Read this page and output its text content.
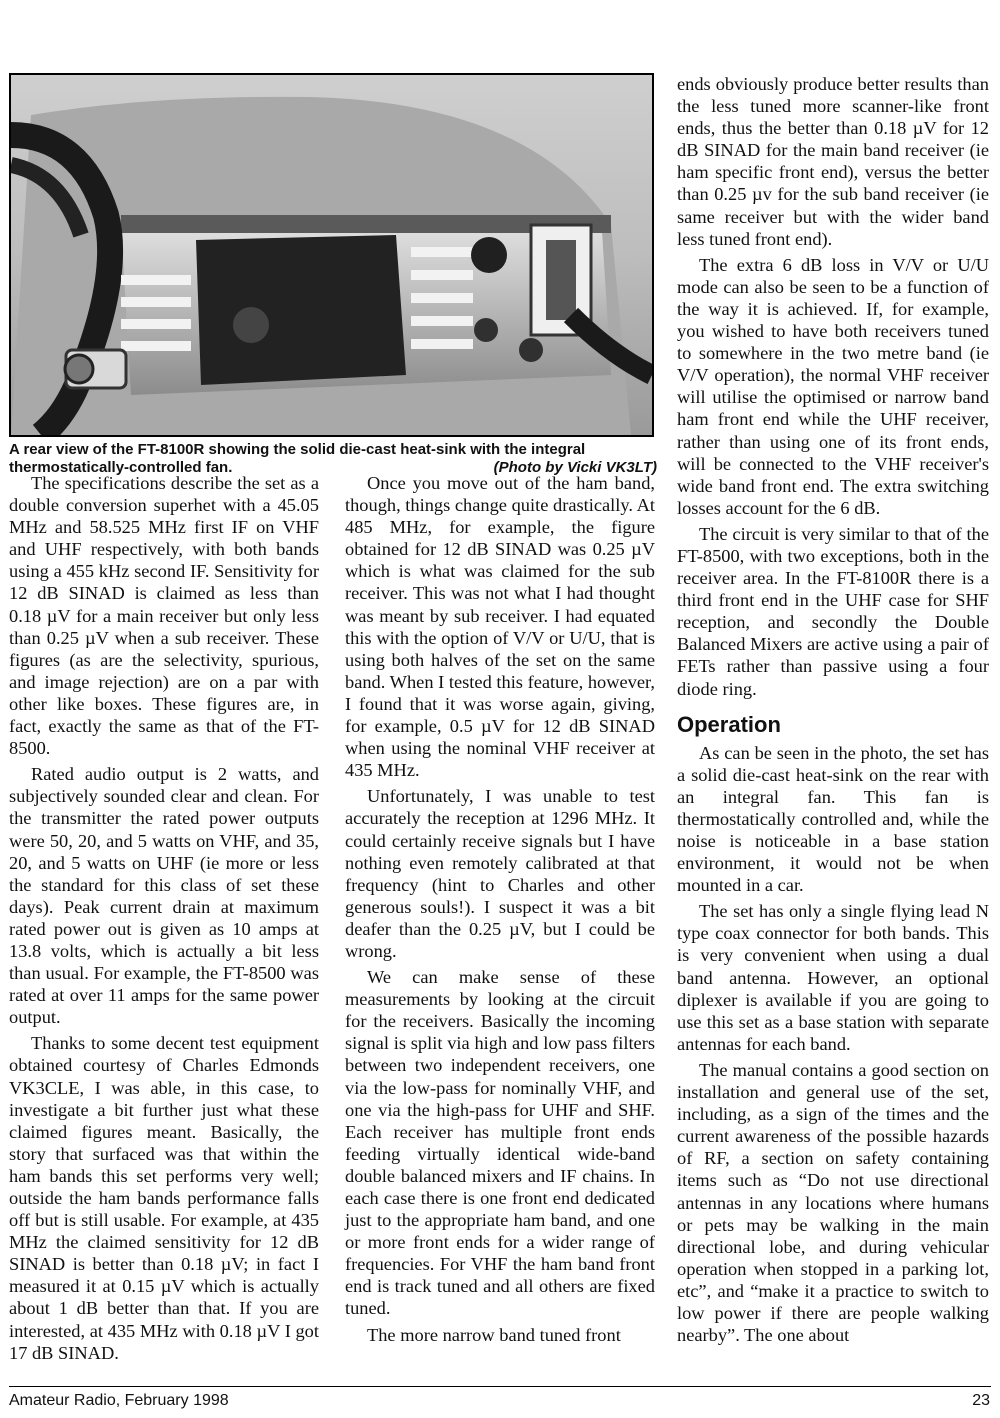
A rear view of the FT-8100R showing the solid die-cast heat-sink with the integral thermostatically-controlled fan.	(Photo by Vicki VK3LT)

The specifications describe the set as a double conversion superhet with a 45.05 MHz and 58.525 MHz first IF on VHF and UHF respectively, with both bands using a 455 kHz second IF. Sensitivity for 12 dB SINAD is claimed as less than 0.18 µV for a main receiver but only less than 0.25 µV when a sub receiver. These figures (as are the selectivity, spurious, and image rejection) are on a par with other like boxes. These figures are, in fact, exactly the same as that of the FT-8500.

Rated audio output is 2 watts, and subjectively sounded clear and clean. For the transmitter the rated power outputs were 50, 20, and 5 watts on VHF, and 35, 20, and 5 watts on UHF (ie more or less the standard for this class of set these days). Peak current drain at maximum rated power out is given as 10 amps at 13.8 volts, which is actually a bit less than usual. For example, the FT-8500 was rated at over 11 amps for the same power output.

Thanks to some decent test equipment obtained courtesy of Charles Edmonds VK3CLE, I was able, in this case, to investigate a bit further just what these claimed figures meant. Basically, the story that surfaced was that within the ham bands this set performs very well; outside the ham bands performance falls off but is still usable. For example, at 435 MHz the claimed sensitivity for 12 dB SINAD is better than 0.18 µV; in fact I measured it at 0.15 µV which is actually about 1 dB better than that. If you are interested, at 435 MHz with 0.18 µV I got 17 dB SINAD.

Once you move out of the ham band, though, things change quite drastically. At 485 MHz, for example, the figure obtained for 12 dB SINAD was 0.25 µV which is what was claimed for the sub receiver. This was not what I had thought was meant by sub receiver. I had equated this with the option of V/V or U/U, that is using both halves of the set on the same band. When I tested this feature, however, I found that it was worse again, giving, for example, 0.5 µV for 12 dB SINAD when using the nominal VHF receiver at 435 MHz.

Unfortunately, I was unable to test accurately the reception at 1296 MHz. It could certainly receive signals but I have nothing even remotely calibrated at that frequency (hint to Charles and other generous souls!). I suspect it was a bit deafer than the 0.25 µV, but I could be wrong.

We can make sense of these measurements by looking at the circuit for the receivers. Basically the incoming signal is split via high and low pass filters between two independent receivers, one via the low-pass for nominally VHF, and one via the high-pass for UHF and SHF. Each receiver has multiple front ends feeding virtually identical wide-band double balanced mixers and IF chains. In each case there is one front end dedicated just to the appropriate ham band, and one or more front ends for a wider range of frequencies. For VHF the ham band front end is track tuned and all others are fixed tuned.

The more narrow band tuned front

ends obviously produce better results than the less tuned more scanner-like front ends, thus the better than 0.18 µV for 12 dB SINAD for the main band receiver (ie ham specific front end), versus the better than 0.25 µv for the sub band receiver (ie same receiver but with the wider band less tuned front end).

The extra 6 dB loss in V/V or U/U mode can also be seen to be a function of the way it is achieved. If, for example, you wished to have both receivers tuned to somewhere in the two metre band (ie V/V operation), the normal VHF receiver will utilise the optimised or narrow band ham front end while the UHF receiver, rather than using one of its front ends, will be connected to the VHF receiver's wide band front end. The extra switching losses account for the 6 dB.

The circuit is very similar to that of the FT-8500, with two exceptions, both in the receiver area. In the FT-8100R there is a third front end in the UHF case for SHF reception, and secondly the Double Balanced Mixers are active using a pair of FETs rather than passive using a four diode ring.

Operation

As can be seen in the photo, the set has a solid die-cast heat-sink on the rear with an integral fan. This fan is thermostatically controlled and, while the noise is noticeable in a base station environment, it would not be when mounted in a car.

The set has only a single flying lead N type coax connector for both bands. This is very convenient when using a dual band antenna. However, an optional diplexer is available if you are going to use this set as a base station with separate antennas for each band.

The manual contains a good section on installation and general use of the set, including, as a sign of the times and the current awareness of the possible hazards of RF, a section on safety containing items such as “Do not use directional antennas in any locations where humans or pets may be walking in the main directional lobe, and during vehicular operation when stopped in a parking lot, etc”, and “make it a practice to switch to low power if there are people walking nearby”. The one about

Amateur Radio, February 1998	23
